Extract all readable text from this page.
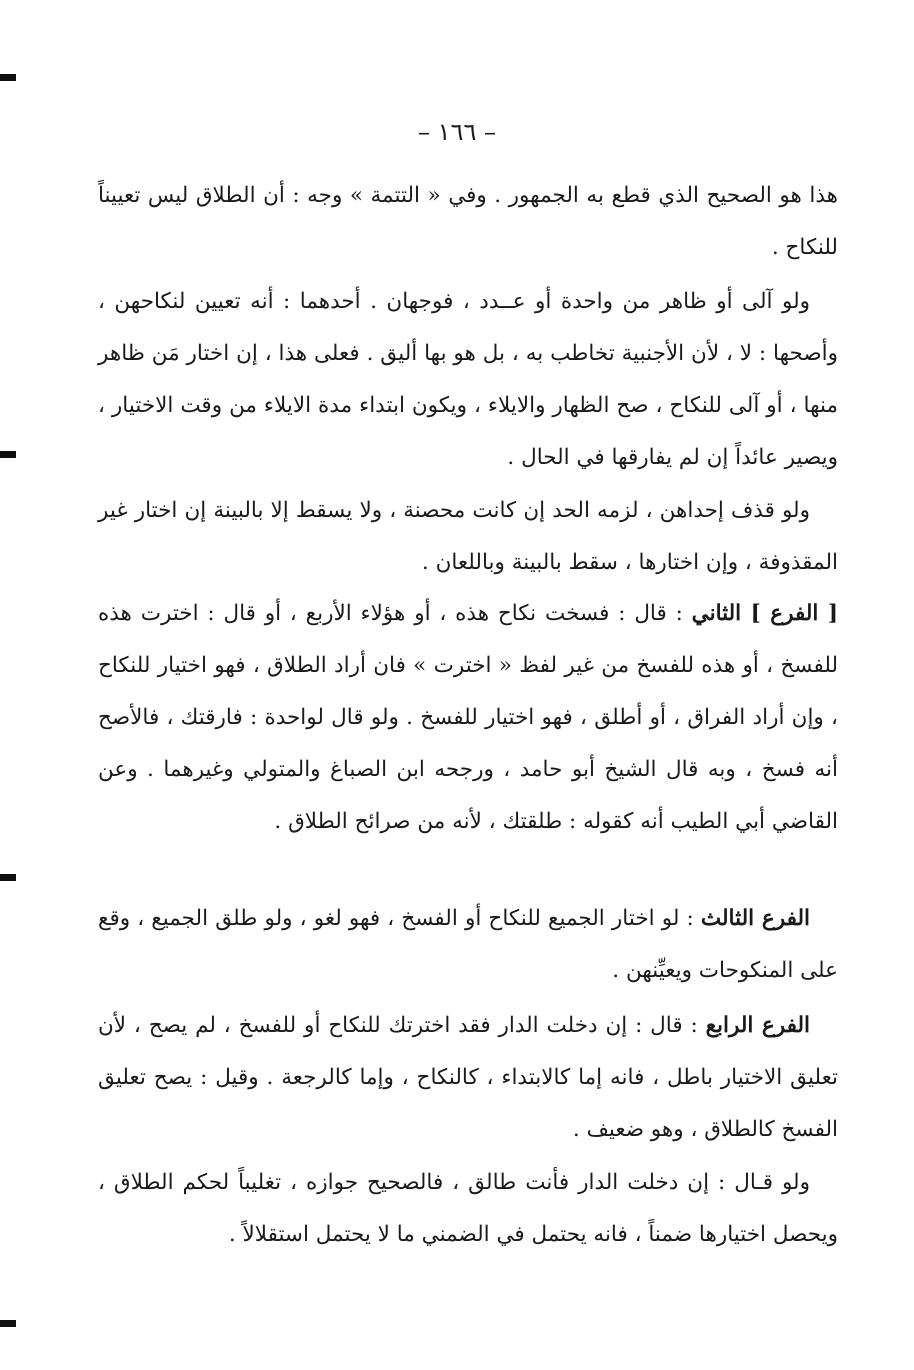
– ١٦٦ –

هذا هو الصحيح الذي قطع به الجمهور . وفي « التتمة » وجه : أن الطلاق ليس تعييناً للنكاح .

ولو آلى أو ظاهر من واحدة أو عــدد ، فوجهان . أحدهما : أنه تعيين لنكاحهن ، وأصحها : لا ، لأن الأجنبية تخاطب به ، بل هو بها أليق . فعلى هذا ، إن اختار مَن ظاهر منها ، أو آلى للنكاح ، صح الظهار والايلاء ، ويكون ابتداء مدة الايلاء من وقت الاختيار ، ويصير عائداً إن لم يفارقها في الحال .

ولو قذف إحداهن ، لزمه الحد إن كانت محصنة ، ولا يسقط إلا بالبينة إن اختار غير المقذوفة ، وإن اختارها ، سقط بالبينة وباللعان .

[ الفرع ] الثاني : قال : فسخت نكاح هذه ، أو هؤلاء الأربع ، أو قال : اخترت هذه للفسخ ، أو هذه للفسخ من غير لفظ « اخترت » فان أراد الطلاق ، فهو اختيار للنكاح ، وإن أراد الفراق ، أو أطلق ، فهو اختيار للفسخ . ولو قال لواحدة : فارقتك ، فالأصح أنه فسخ ، وبه قال الشيخ أبو حامد ، ورجحه ابن الصباغ والمتولي وغيرهما . وعن القاضي أبي الطيب أنه كقوله : طلقتك ، لأنه من صرائح الطلاق .

الفرع الثالث : لو اختار الجميع للنكاح أو الفسخ ، فهو لغو ، ولو طلق الجميع ، وقع على المنكوحات ويعيِّنهن .

الفرع الرابع : قال : إن دخلت الدار فقد اخترتك للنكاح أو للفسخ ، لم يصح ، لأن تعليق الاختيار باطل ، فانه إما كالابتداء ، كالنكاح ، وإما كالرجعة . وقيل : يصح تعليق الفسخ كالطلاق ، وهو ضعيف .

ولو قـال : إن دخلت الدار فأنت طالق ، فالصحيح جوازه ، تغليباً لحكم الطلاق ، ويحصل اختيارها ضمناً ، فانه يحتمل في الضمني ما لا يحتمل استقلالاً .
